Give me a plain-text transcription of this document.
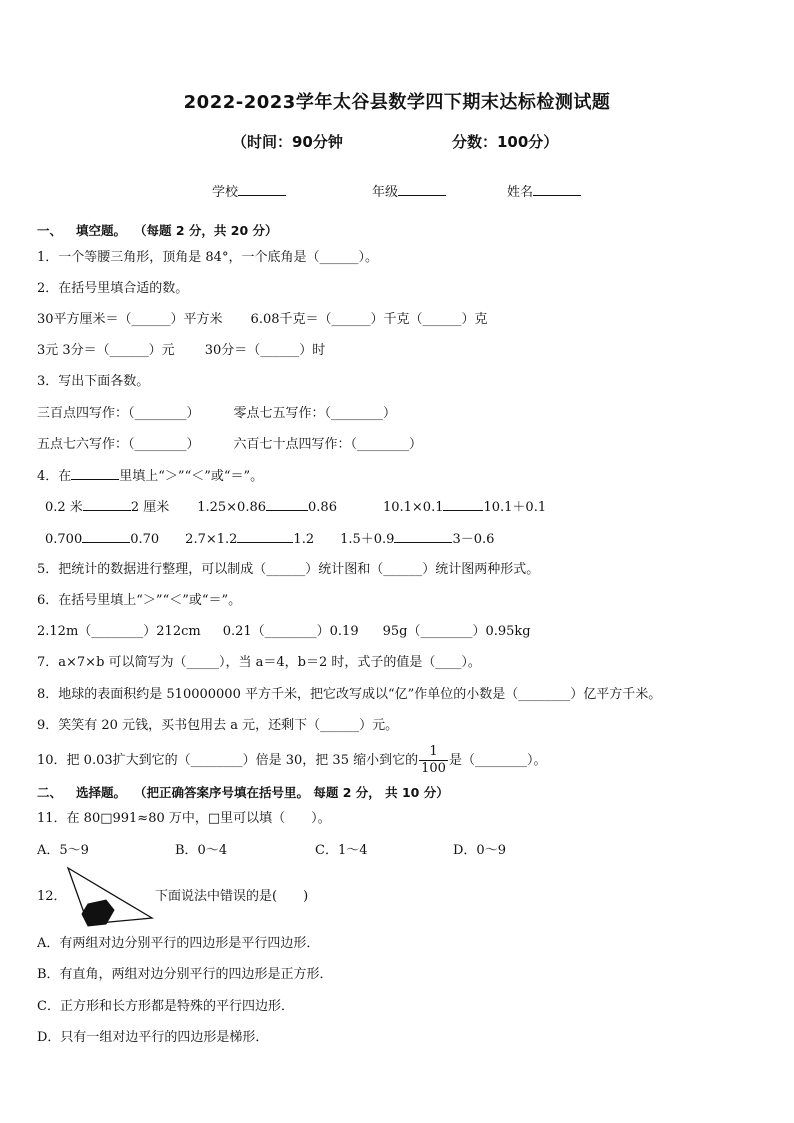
2022-2023学年太谷县数学四下期末达标检测试题
（时间：90分钟	分数：100分）
学校	年级	姓名
一、 填空题。 （每题 2 分，共 20 分）
1．一个等腰三角形，顶角是 84°，一个底角是（______）。
2．在括号里填合适的数。
30平方厘米＝（______）平方米 6.08千克＝（______）千克（______）克
3元 3分＝（______）元 30分＝（______）时
3．写出下面各数。
三百点四写作：（________）	零点七五写作：（________）
五点七六写作：（________）	六百七十点四写作：（________）
4．在	里填上“＞”“＜”或“＝”。
0.2 米	2 厘米 1.25×0.86	0.86	10.1×0.1	10.1＋0.1
0.700	0.70 2.7×1.2	1.2 1.5＋0.9	3－0.6
5．把统计的数据进行整理，可以制成（______）统计图和（______）统计图两种形式。
6．在括号里填上“＞”“＜”或“＝”。
2.12m（________）212cm 0.21（________）0.19 95g（________）0.95kg
7．a×7×b 可以简写为（_____），当 a＝4，b＝2 时，式子的值是（____）。
8．地球的表面积约是 510000000 平方千米，把它改写成以“亿”作单位的小数是（________）亿平方千米。
9．笑笑有 20 元钱，买书包用去 a 元，还剩下（______）元。
10．把 0.03扩大到它的（________）倍是 30，把 35 缩小到它的 $\frac{1}{100}$ 是（________）。
二、 选择题。 （把正确答案序号填在括号里。 每题 2 分， 共 10 分）
11．在 80□991≈80 万中，□里可以填（　　）。
A．5～9	B．0～4	C．1～4	D．0～9
12．	下面说法中错误的是(　　)
A．有两组对边分别平行的四边形是平行四边形．
B．有直角，两组对边分别平行的四边形是正方形．
C．正方形和长方形都是特殊的平行四边形．
D．只有一组对边平行的四边形是梯形．
